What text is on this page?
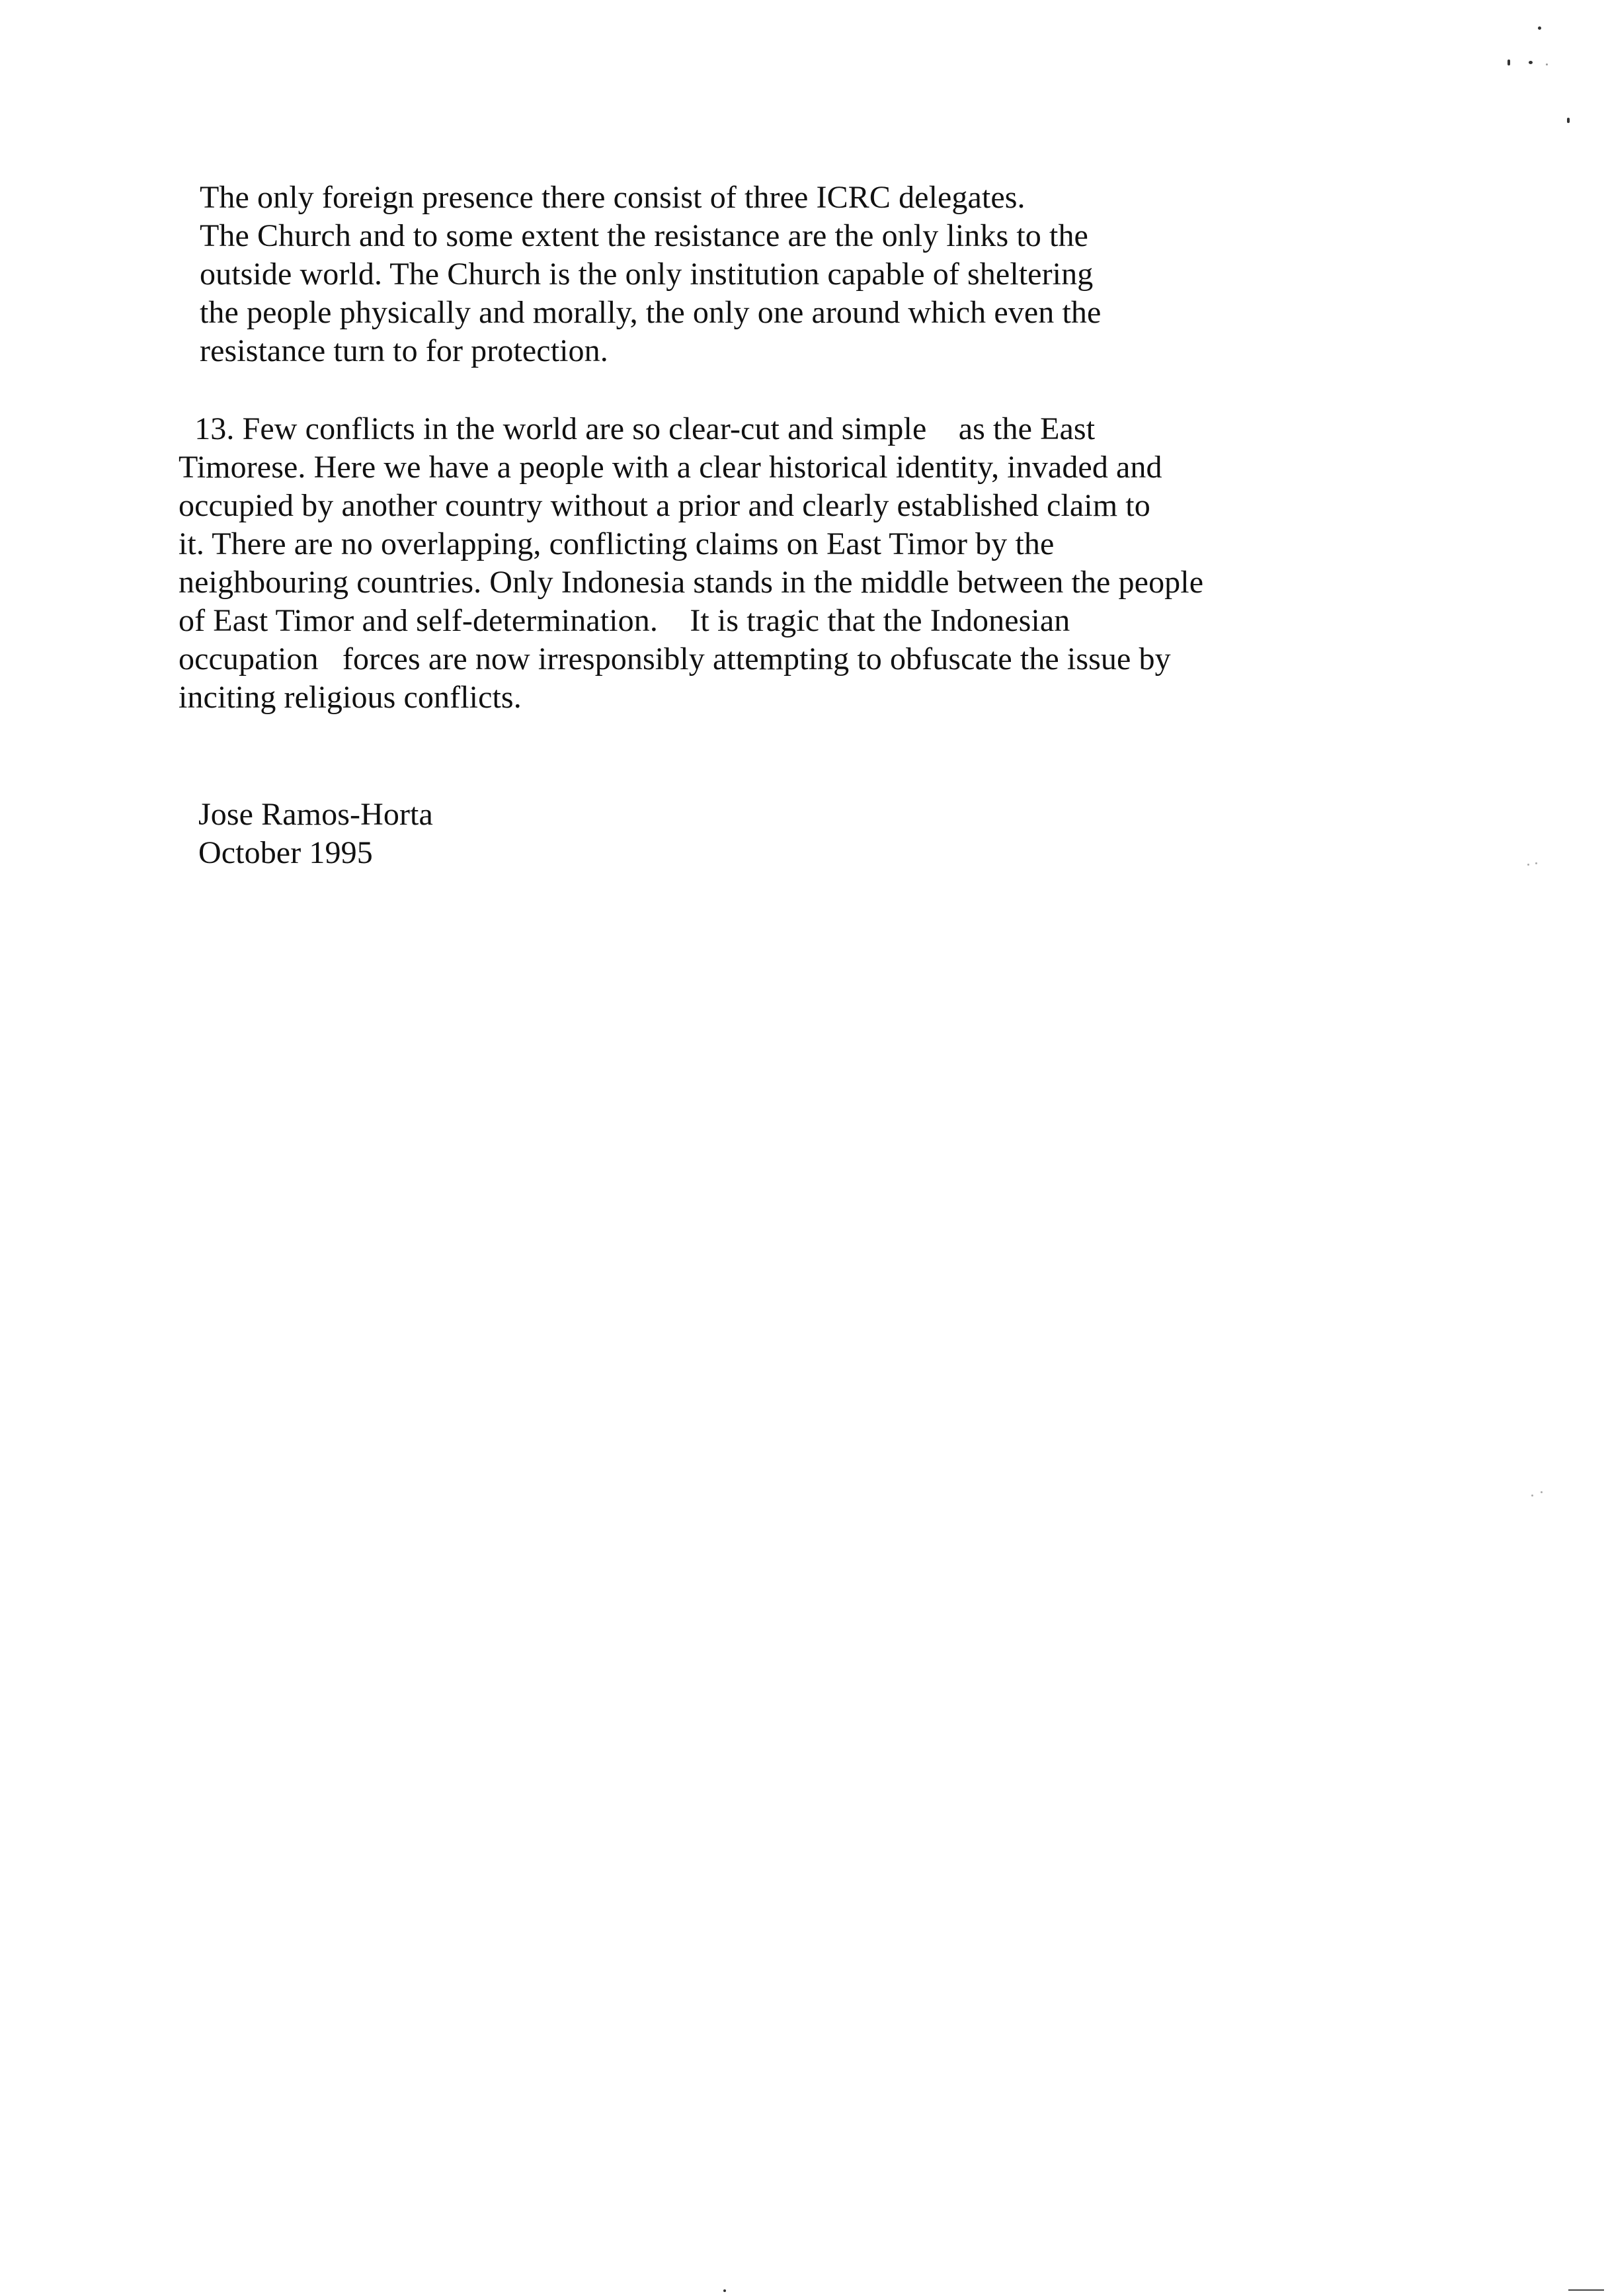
The only foreign presence there consist of three ICRC delegates.
The Church and to some extent the resistance are the only links to the
outside world. The Church is the only institution capable of sheltering
the people physically and morally, the only one around which even the
resistance turn to for protection.

13. Few conflicts in the world are so clear-cut and simple    as the East
Timorese. Here we have a people with a clear historical identity, invaded and
occupied by another country without a prior and clearly established claim to
it. There are no overlapping, conflicting claims on East Timor by the
neighbouring countries. Only Indonesia stands in the middle between the people
of East Timor and self-determination.    It is tragic that the Indonesian
occupation   forces are now irresponsibly attempting to obfuscate the issue by
inciting religious conflicts.

Jose Ramos-Horta
October 1995
